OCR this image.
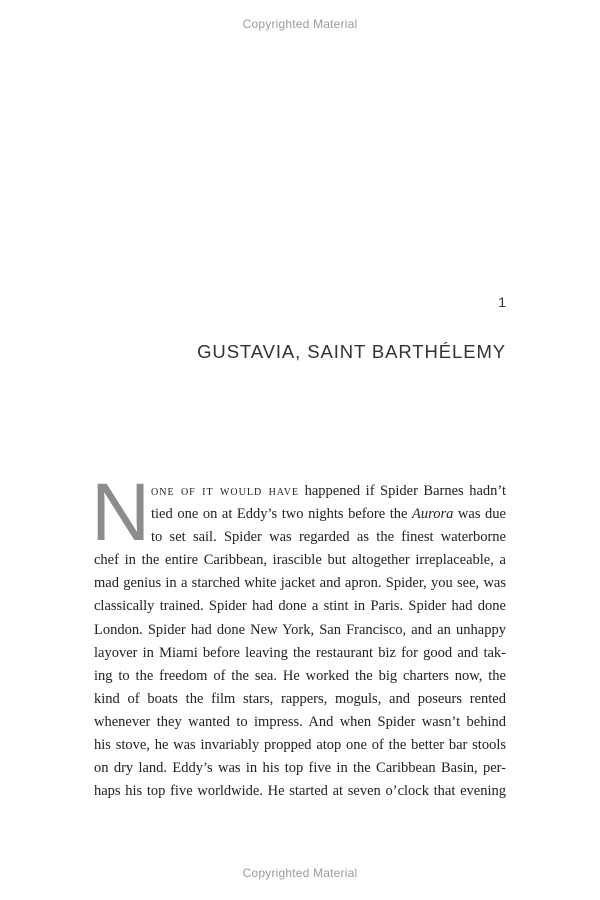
Copyrighted Material
1
GUSTAVIA, SAINT BARTHÉLEMY
N one of it would have happened if Spider Barnes hadn’t
tied one on at Eddy’s two nights before the Aurora was due
to set sail. Spider was regarded as the finest waterborne
chef in the entire Caribbean, irascible but altogether irreplaceable, a
mad genius in a starched white jacket and apron. Spider, you see, was
classically trained. Spider had done a stint in Paris. Spider had done
London. Spider had done New York, San Francisco, and an unhappy
layover in Miami before leaving the restaurant biz for good and tak-
ing to the freedom of the sea. He worked the big charters now, the
kind of boats the film stars, rappers, moguls, and poseurs rented
whenever they wanted to impress. And when Spider wasn’t behind
his stove, he was invariably propped atop one of the better bar stools
on dry land. Eddy’s was in his top five in the Caribbean Basin, per-
haps his top five worldwide. He started at seven o’clock that evening
Copyrighted Material
